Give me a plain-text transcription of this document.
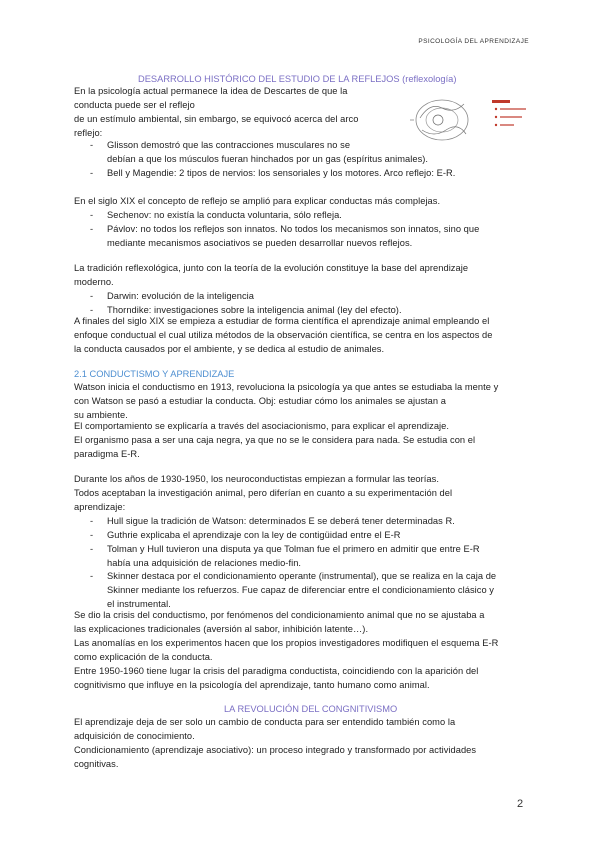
PSICOLOGÍA DEL APRENDIZAJE
DESARROLLO HISTÓRICO DEL ESTUDIO DE LA REFLEJOS (reflexología)
En la psicología actual permanece la idea de Descartes de que la
conducta puede ser el reflejo
de un estímulo ambiental, sin embargo, se equivocó acerca del arco
reflejo:
- Glisson demostró que las contracciones musculares no se
debían a que los músculos fueran hinchados por un gas (espíritus animales).
- Bell y Magendie: 2 tipos de nervios: los sensoriales y los motores. Arco reflejo: E-R.
En el siglo XIX el concepto de reflejo se amplió para explicar conductas más complejas.
- Sechenov: no existía la conducta voluntaria, sólo refleja.
- Pávlov: no todos los reflejos son innatos. No todos los mecanismos son innatos, sino que
mediante mecanismos asociativos se pueden desarrollar nuevos reflejos.
La tradición reflexológica, junto con la teoría de la evolución constituye la base del aprendizaje
moderno.
- Darwin: evolución de la inteligencia
- Thorndike: investigaciones sobre la inteligencia animal (ley del efecto).
A finales del siglo XIX se empieza a estudiar de forma científica el aprendizaje animal empleando el
enfoque conductual el cual utiliza métodos de la observación científica, se centra en los aspectos de
la conducta causados por el ambiente, y se dedica al estudio de animales.
2.1 CONDUCTISMO Y APRENDIZAJE
Watson inicia el conductismo en 1913, revoluciona la psicología ya que antes se estudiaba la mente y
con Watson se pasó a estudiar la conducta. Obj: estudiar cómo los animales se ajustan a
su ambiente.
El comportamiento se explicaría a través del asociacionismo, para explicar el aprendizaje.
El organismo pasa a ser una caja negra, ya que no se le considera para nada. Se estudia con el
paradigma E-R.
Durante los años de 1930-1950, los neuroconductistas empiezan a formular las teorías.
Todos aceptaban la investigación animal, pero diferían en cuanto a su experimentación del
aprendizaje:
- Hull sigue la tradición de Watson: determinados E se deberá tener determinadas R.
- Guthrie explicaba el aprendizaje con la ley de contigüidad entre el E-R
- Tolman y Hull tuvieron una disputa ya que Tolman fue el primero en admitir que entre E-R
había una adquisición de relaciones medio-fin.
- Skinner destaca por el condicionamiento operante (instrumental), que se realiza en la caja de
Skinner mediante los refuerzos. Fue capaz de diferenciar entre el condicionamiento clásico y
el instrumental.
Se dio la crisis del conductismo, por fenómenos del condicionamiento animal que no se ajustaba a
las explicaciones tradicionales (aversión al sabor, inhibición latente…).
Las anomalías en los experimentos hacen que los propios investigadores modifiquen el esquema E-R
como explicación de la conducta.
Entre 1950-1960 tiene lugar la crisis del paradigma conductista, coincidiendo con la aparición del
cognitivismo que influye en la psicología del aprendizaje, tanto humano como animal.
LA REVOLUCIÓN DEL CONGNITIVISMO
El aprendizaje deja de ser solo un cambio de conducta para ser entendido también como la
adquisición de conocimiento.
Condicionamiento (aprendizaje asociativo): un proceso integrado y transformado por actividades
cognitivas.
2
